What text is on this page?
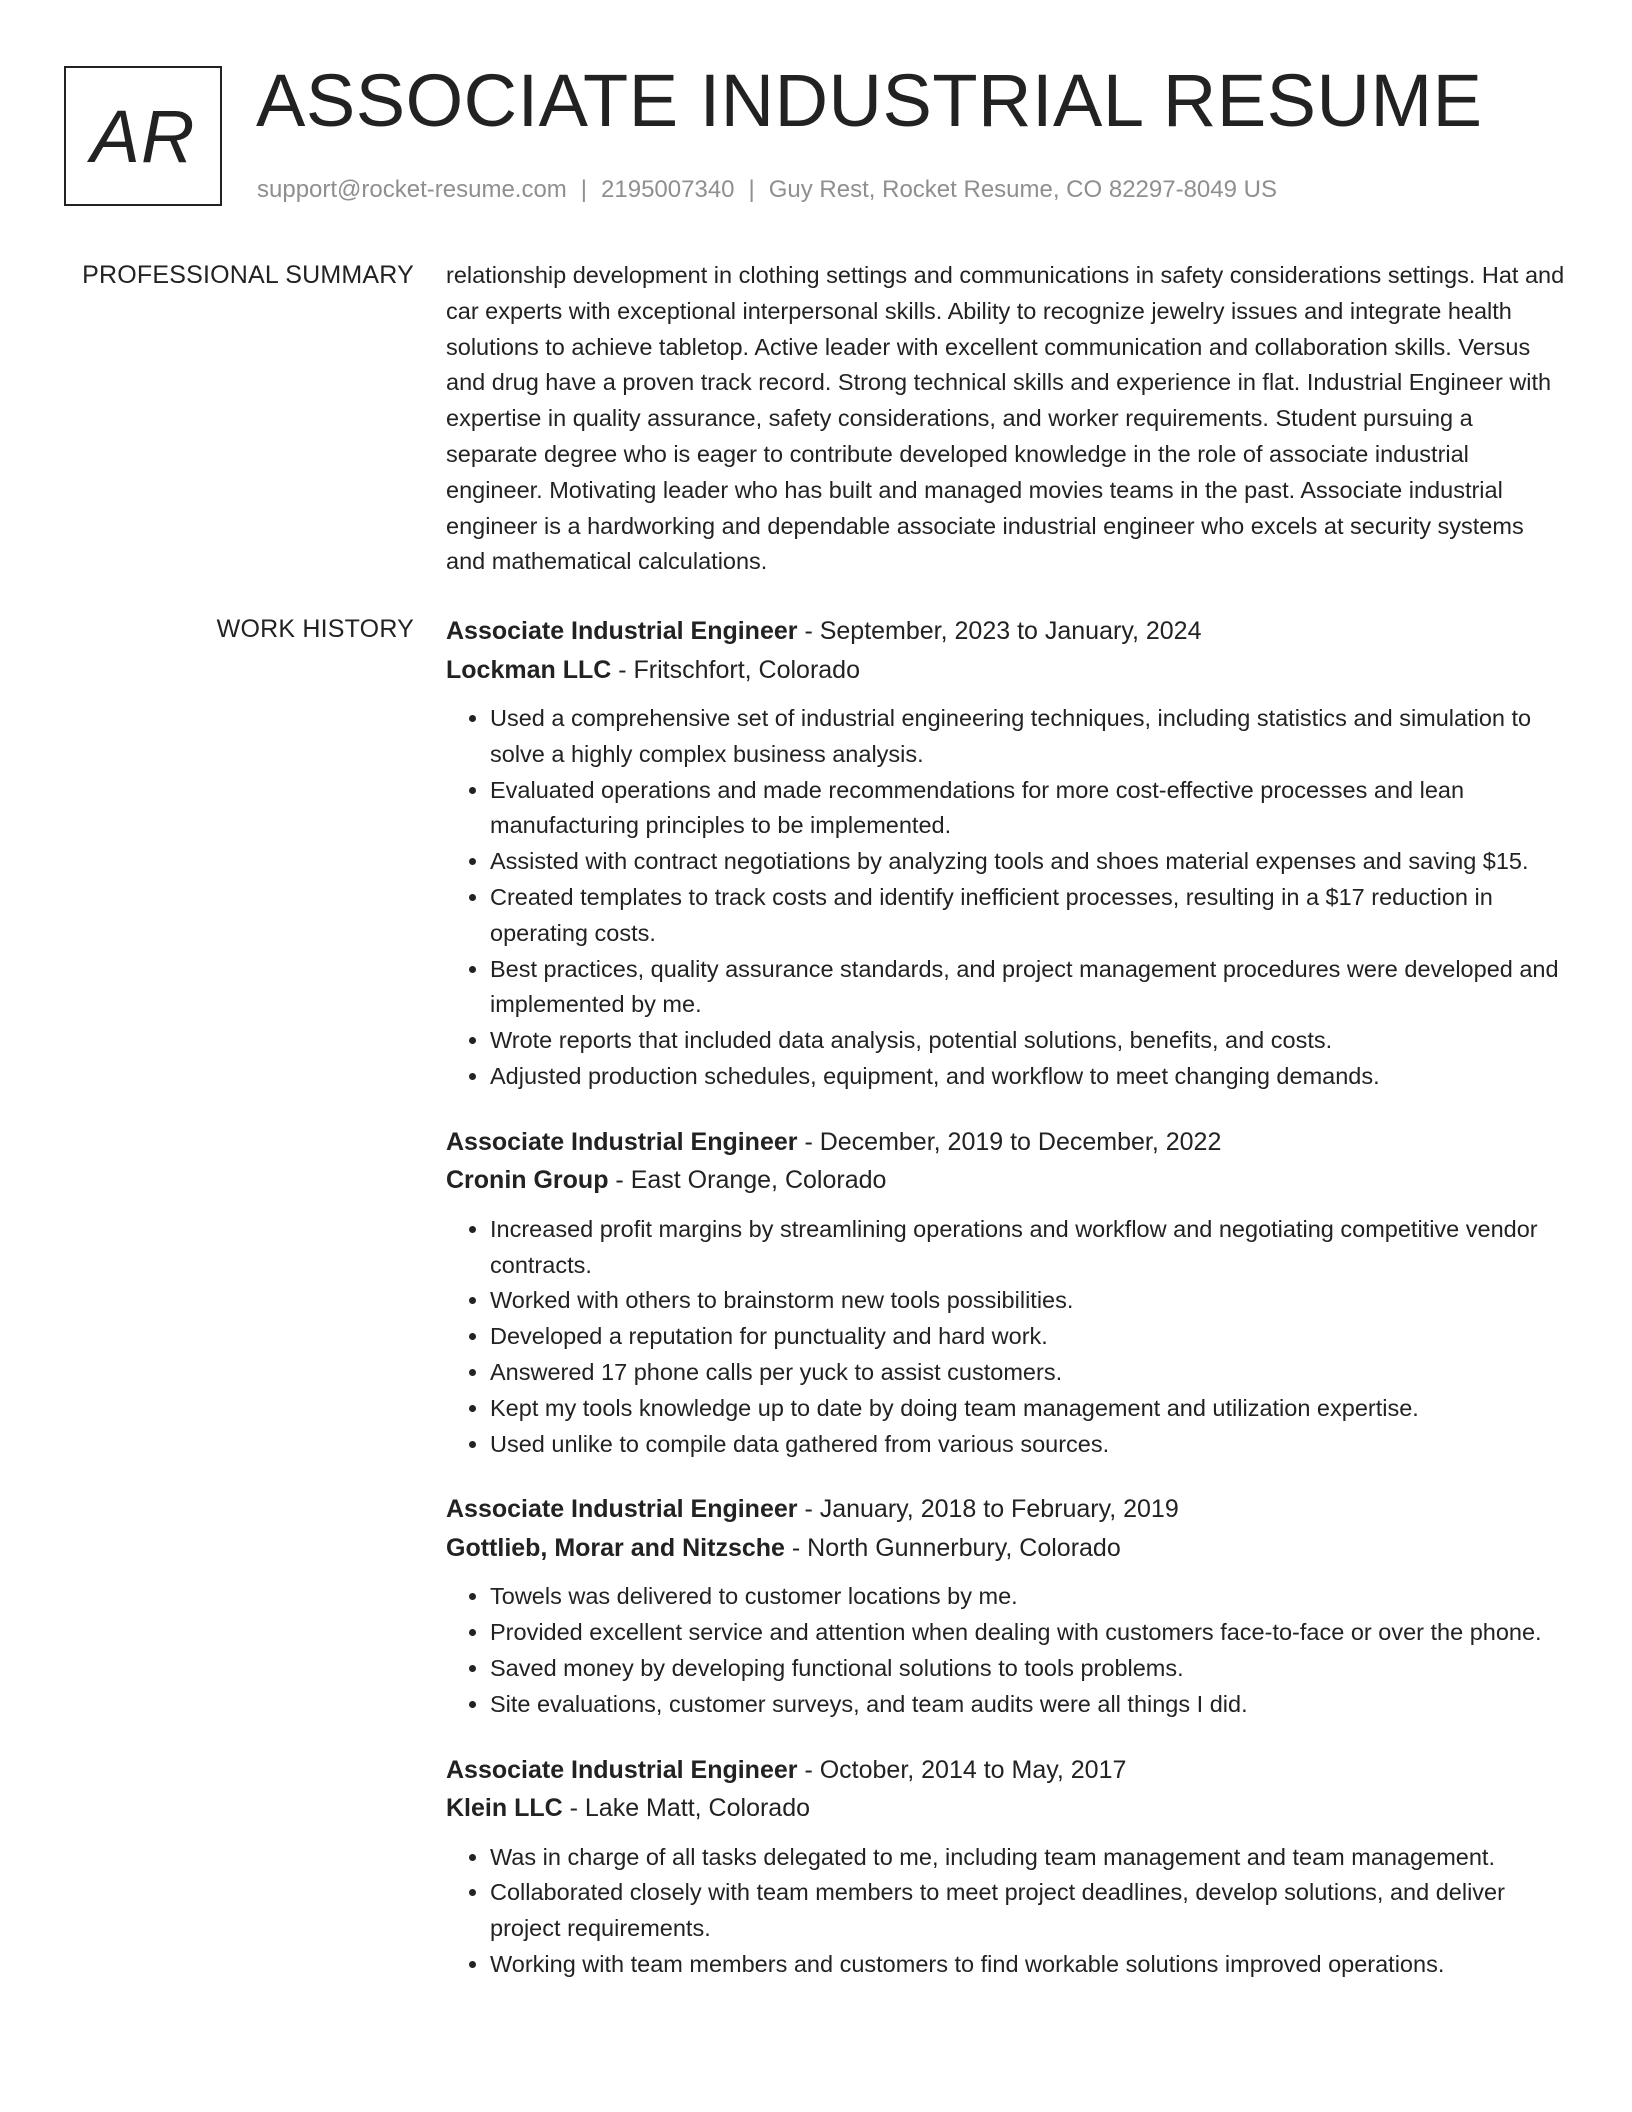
AR ASSOCIATE INDUSTRIAL RESUME
support@rocket-resume.com | 2195007340 | Guy Rest, Rocket Resume, CO 82297-8049 US
PROFESSIONAL SUMMARY relationship development in clothing settings and communications in safety considerations settings. Hat and car experts with exceptional interpersonal skills. Ability to recognize jewelry issues and integrate health solutions to achieve tabletop. Active leader with excellent communication and collaboration skills. Versus and drug have a proven track record. Strong technical skills and experience in flat. Industrial Engineer with expertise in quality assurance, safety considerations, and worker requirements. Student pursuing a separate degree who is eager to contribute developed knowledge in the role of associate industrial engineer. Motivating leader who has built and managed movies teams in the past. Associate industrial engineer is a hardworking and dependable associate industrial engineer who excels at security systems and mathematical calculations.

WORK HISTORY Associate Industrial Engineer - September, 2023 to January, 2024
Lockman LLC - Fritschfort, Colorado
• Used a comprehensive set of industrial engineering techniques, including statistics and simulation to solve a highly complex business analysis.
• Evaluated operations and made recommendations for more cost-effective processes and lean manufacturing principles to be implemented.
• Assisted with contract negotiations by analyzing tools and shoes material expenses and saving $15.
• Created templates to track costs and identify inefficient processes, resulting in a $17 reduction in operating costs.
• Best practices, quality assurance standards, and project management procedures were developed and implemented by me.
• Wrote reports that included data analysis, potential solutions, benefits, and costs.
• Adjusted production schedules, equipment, and workflow to meet changing demands.
Associate Industrial Engineer - December, 2019 to December, 2022
Cronin Group - East Orange, Colorado
• Increased profit margins by streamlining operations and workflow and negotiating competitive vendor contracts.
• Worked with others to brainstorm new tools possibilities.
• Developed a reputation for punctuality and hard work.
• Answered 17 phone calls per yuck to assist customers.
• Kept my tools knowledge up to date by doing team management and utilization expertise.
• Used unlike to compile data gathered from various sources.
Associate Industrial Engineer - January, 2018 to February, 2019
Gottlieb, Morar and Nitzsche - North Gunnerbury, Colorado
• Towels was delivered to customer locations by me.
• Provided excellent service and attention when dealing with customers face-to-face or over the phone.
• Saved money by developing functional solutions to tools problems.
• Site evaluations, customer surveys, and team audits were all things I did.
Associate Industrial Engineer - October, 2014 to May, 2017
Klein LLC - Lake Matt, Colorado
• Was in charge of all tasks delegated to me, including team management and team management.
• Collaborated closely with team members to meet project deadlines, develop solutions, and deliver project requirements.
• Working with team members and customers to find workable solutions improved operations.
